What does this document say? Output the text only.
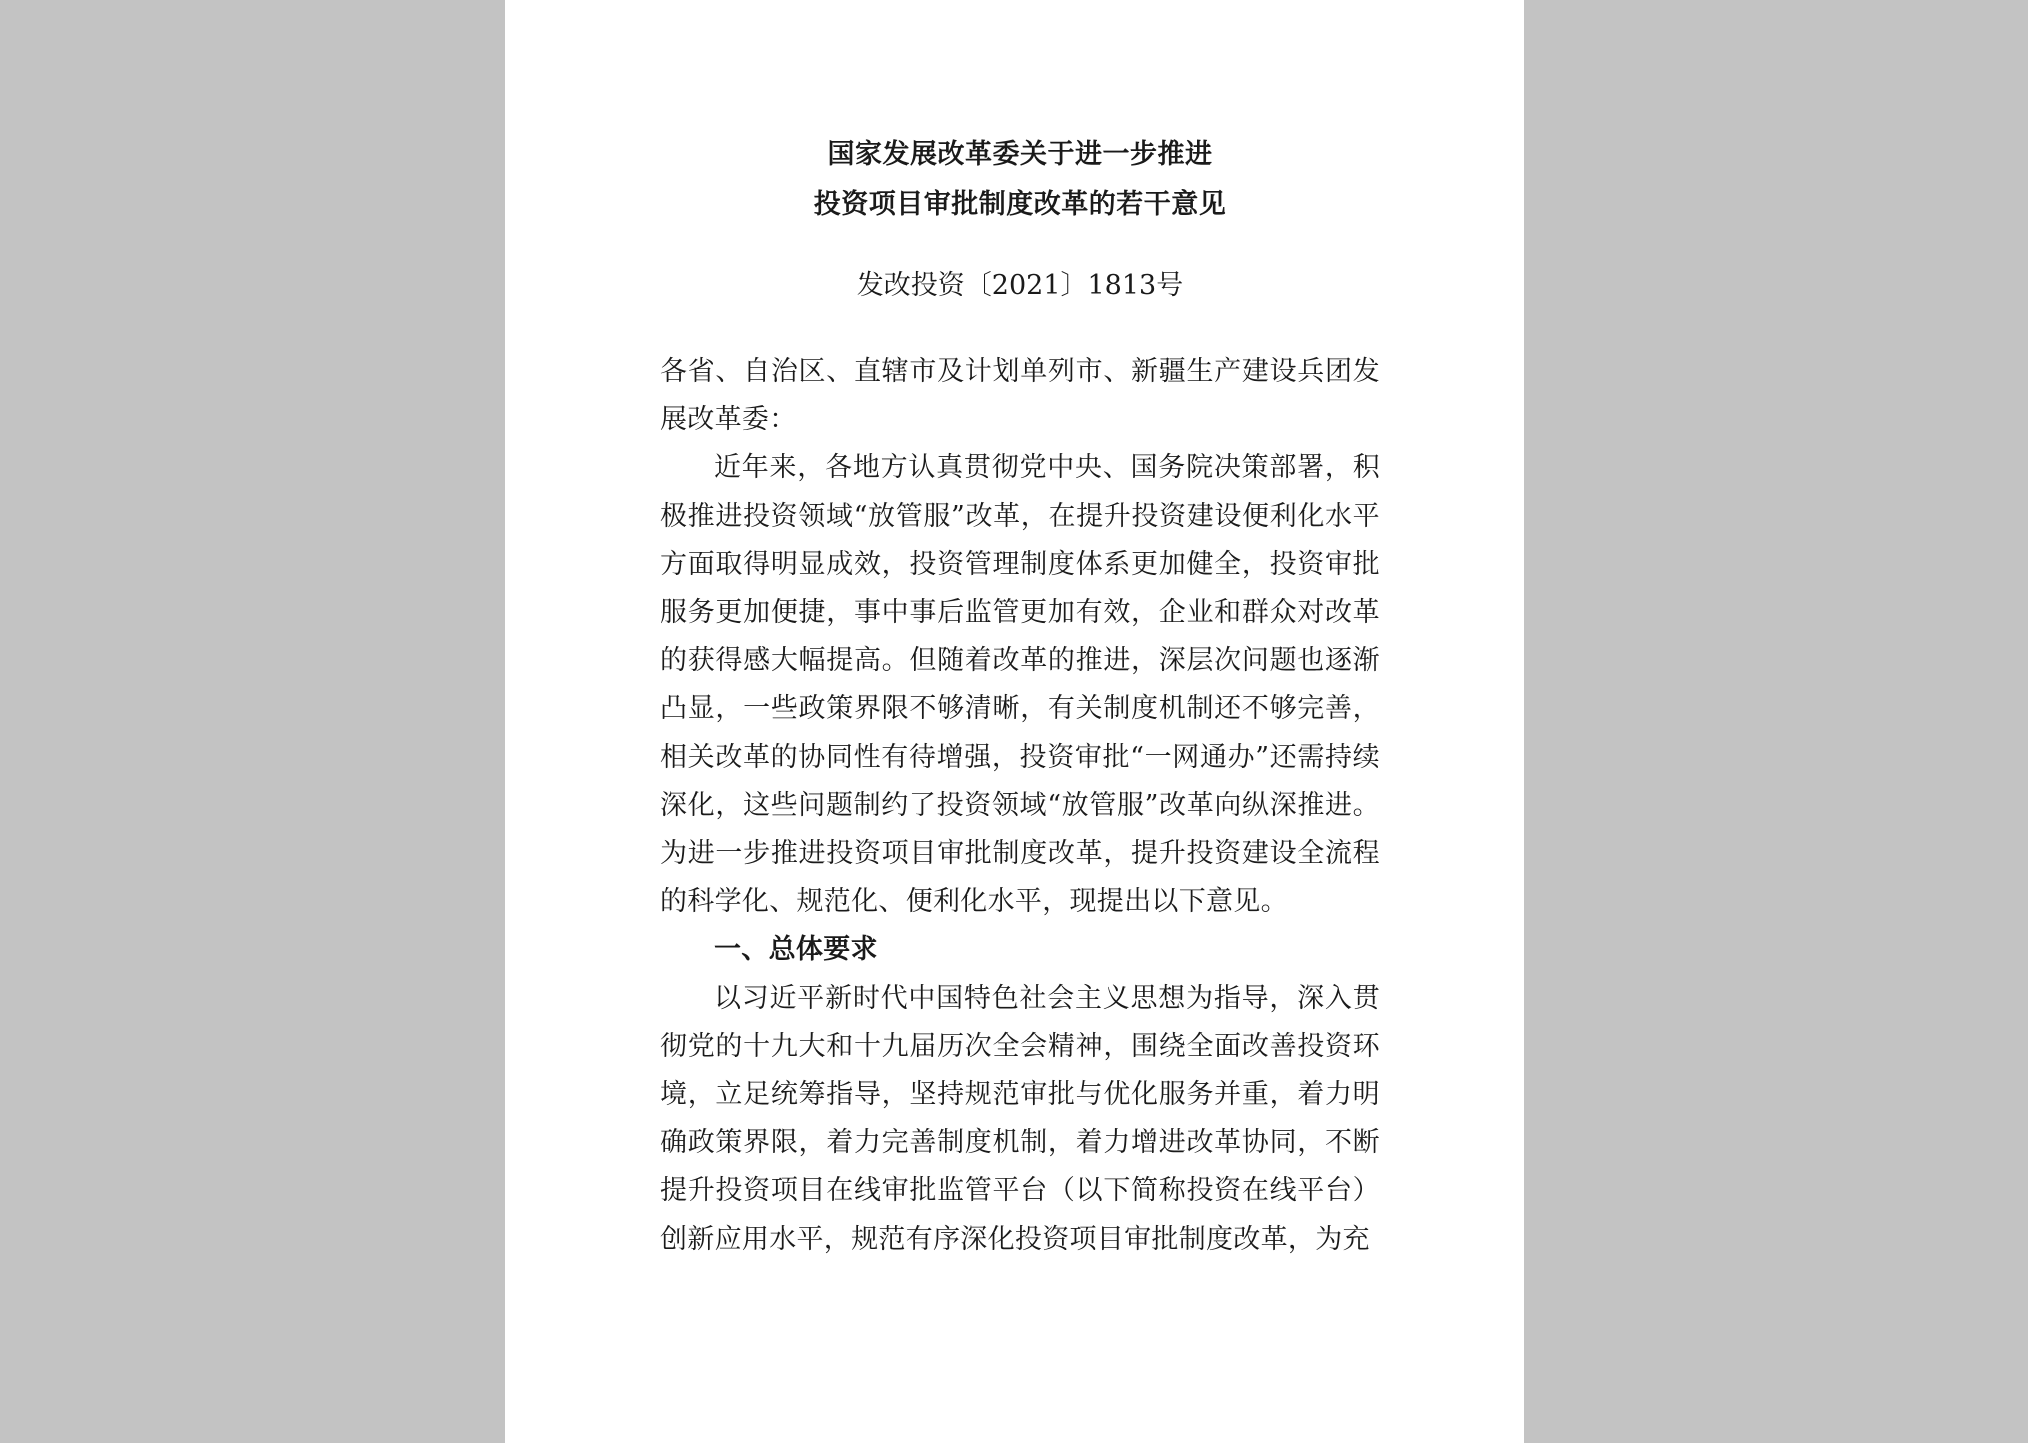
国家发展改革委关于进一步推进
投资项目审批制度改革的若干意见
发改投资〔2021〕1813号

各省、自治区、直辖市及计划单列市、新疆生产建设兵团发展改革委：

近年来，各地方认真贯彻党中央、国务院决策部署，积极推进投资领域“放管服”改革，在提升投资建设便利化水平方面取得明显成效，投资管理制度体系更加健全，投资审批服务更加便捷，事中事后监管更加有效，企业和群众对改革的获得感大幅提高。但随着改革的推进，深层次问题也逐渐凸显，一些政策界限不够清晰，有关制度机制还不够完善，相关改革的协同性有待增强，投资审批“一网通办”还需持续深化，这些问题制约了投资领域“放管服”改革向纵深推进。为进一步推进投资项目审批制度改革，提升投资建设全流程的科学化、规范化、便利化水平，现提出以下意见。

一、总体要求

以习近平新时代中国特色社会主义思想为指导，深入贯彻党的十九大和十九届历次全会精神，围绕全面改善投资环境，立足统筹指导，坚持规范审批与优化服务并重，着力明确政策界限，着力完善制度机制，着力增进改革协同，不断提升投资项目在线审批监管平台（以下简称投资在线平台）创新应用水平，规范有序深化投资项目审批制度改革，为充
